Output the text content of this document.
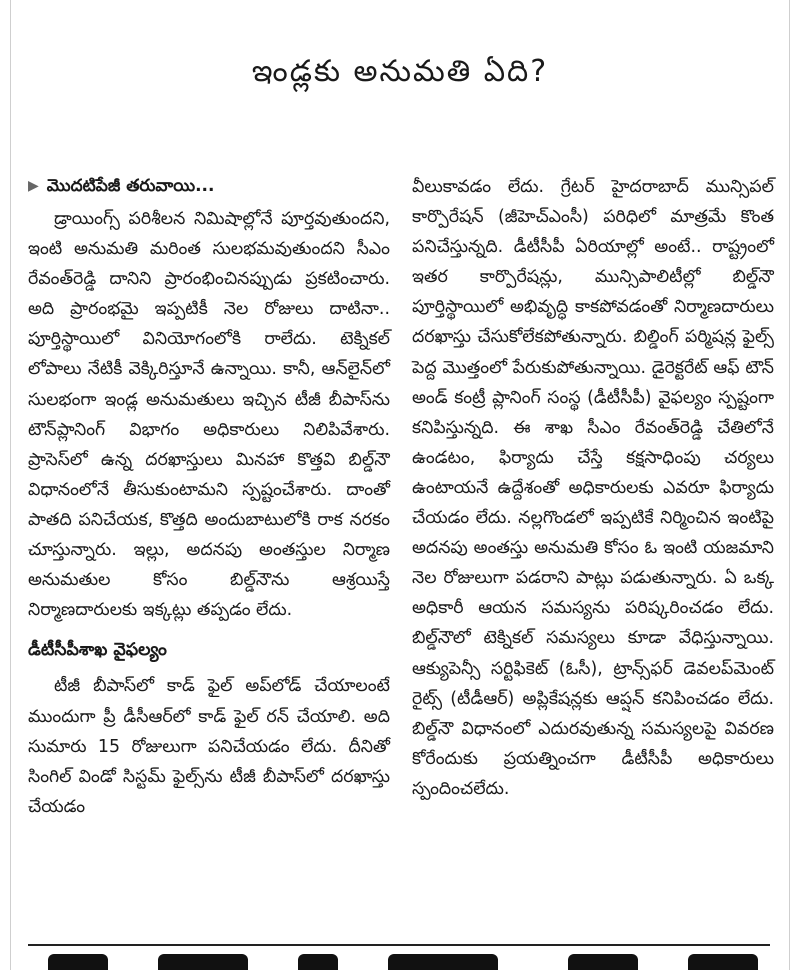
ఇండ్లకు అనుమతి ఏది?
▶ మొదటిపేజీ తరువాయి...

డ్రాయింగ్స్ పరిశీలన నిమిషాల్లోనే పూర్తవుతుందని, ఇంటి అనుమతి మరింత సులభమవుతుందని సీఎం రేవంత్‌రెడ్డి దానిని ప్రారంభించినప్పుడు ప్రకటించారు. అది ప్రారంభమై ఇప్పటికీ నెల రోజులు దాటినా.. పూర్తిస్థాయిలో వినియోగంలోకి రాలేదు. టెక్నికల్ లోపాలు నేటికీ వెక్కిరిస్తూనే ఉన్నాయి. కానీ, ఆన్‌లైన్‌లో సులభంగా ఇండ్ల అనుమతులు ఇచ్చిన టీజీ బీపాస్‌ను టౌన్‌ప్లానింగ్ విభాగం అధికారులు నిలిపివేశారు. ప్రాసెస్‌లో ఉన్న దరఖాస్తులు మినహా కొత్తవి బిల్డ్‌నౌ విధానంలోనే తీసుకుంటామని స్పష్టంచేశారు. దాంతో పాతది పనిచేయక, కొత్తది అందుబాటులోకి రాక నరకం చూస్తున్నారు. ఇల్లు, అదనపు అంతస్తుల నిర్మాణ అనుమతుల కోసం బిల్డ్‌నౌను ఆశ్రయిస్తే నిర్మాణదారులకు ఇక్కట్లు తప్పడం లేదు.

డీటీసీపీశాఖ వైఫల్యం

టీజీ బీపాస్‌లో కాడ్ ఫైల్ అప్‌లోడ్ చేయాలంటే ముందుగా ప్రీ డీసీఆర్‌లో కాడ్ ఫైల్ రన్ చేయాలి. అది సుమారు 15 రోజులుగా పనిచేయడం లేదు. దీనితో సింగిల్ విండో సిస్టమ్ ఫైల్స్‌ను టీజీ బీపాస్‌లో దరఖాస్తు చేయడం

వీలుకావడం లేదు. గ్రేటర్ హైదరాబాద్ మున్సిపల్ కార్పొరేషన్ (జీహెచ్ఎంసీ) పరిధిలో మాత్రమే కొంత పనిచేస్తున్నది. డీటీసీపీ ఏరియాల్లో అంటే.. రాష్ట్రంలో ఇతర కార్పొరేషన్లు, మున్సిపాలిటీల్లో బిల్డ్‌నౌ పూర్తిస్థాయిలో అభివృద్ధి కాకపోవడంతో నిర్మాణదారులు దరఖాస్తు చేసుకోలేకపోతున్నారు. బిల్డింగ్ పర్మిషన్ల ఫైల్స్ పెద్ద మొత్తంలో పేరుకుపోతున్నాయి. డైరెక్టరేట్ ఆఫ్ టౌన్ అండ్ కంట్రీ ప్లానింగ్ సంస్థ (డీటీసీపీ) వైఫల్యం స్పష్టంగా కనిపిస్తున్నది. ఈ శాఖ సీఎం రేవంత్‌రెడ్డి చేతిలోనే ఉండటం, ఫిర్యాదు చేస్తే కక్షసాధింపు చర్యలు ఉంటాయనే ఉద్దేశంతో అధికారులకు ఎవరూ ఫిర్యాదు చేయడం లేదు. నల్లగొండలో ఇప్పటికే నిర్మించిన ఇంటిపై అదనపు అంతస్తు అనుమతి కోసం ఓ ఇంటి యజమాని నెల రోజులుగా పడరాని పాట్లు పడుతున్నారు. ఏ ఒక్క అధికారీ ఆయన సమస్యను పరిష్కరించడం లేదు. బిల్డ్‌నౌలో టెక్నికల్ సమస్యలు కూడా వేధిస్తున్నాయి. ఆక్యుపెన్సీ సర్టిఫికెట్ (ఓసీ), ట్రాన్స్‌ఫర్ డెవలప్‌మెంట్ రైట్స్ (టీడీఆర్) అప్లికేషన్లకు ఆప్షన్ కనిపించడం లేదు. బిల్డ్‌నౌ విధానంలో ఎదురవుతున్న సమస్యలపై వివరణ కోరేందుకు ప్రయత్నించగా డీటీసీపీ అధికారులు స్పందించలేదు.
